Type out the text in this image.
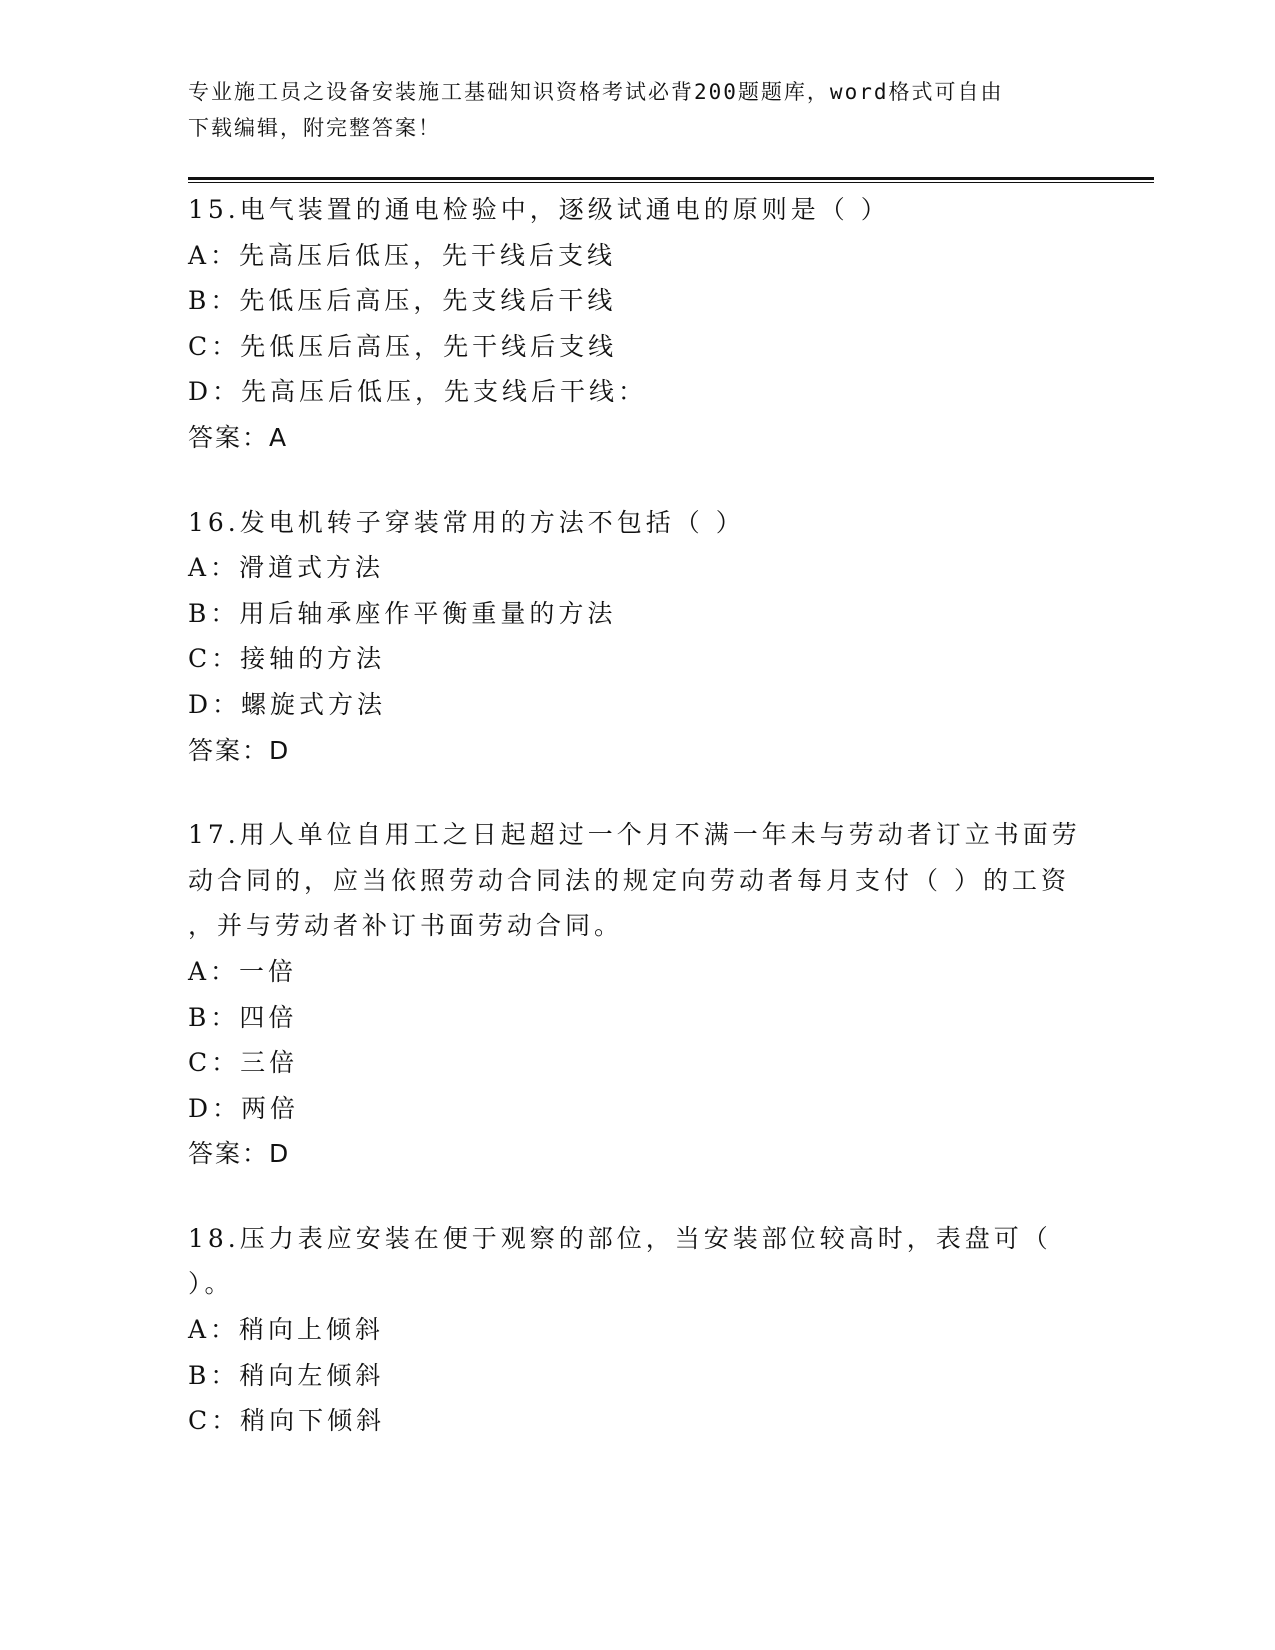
专业施工员之设备安装施工基础知识资格考试必背200题题库，word格式可自由
下载编辑，附完整答案！
15.电气装置的通电检验中，逐级试通电的原则是（ ）
A：先高压后低压，先干线后支线
B：先低压后高压，先支线后干线
C：先低压后高压，先干线后支线
D：先高压后低压，先支线后干线：
答案：A
16.发电机转子穿装常用的方法不包括（ ）
A：滑道式方法
B：用后轴承座作平衡重量的方法
C：接轴的方法
D：螺旋式方法
答案：D
17.用人单位自用工之日起超过一个月不满一年未与劳动者订立书面劳
动合同的，应当依照劳动合同法的规定向劳动者每月支付（ ）的工资
，并与劳动者补订书面劳动合同。
A：一倍
B：四倍
C：三倍
D：两倍
答案：D
18.压力表应安装在便于观察的部位，当安装部位较高时，表盘可（
）。
A：稍向上倾斜
B：稍向左倾斜
C：稍向下倾斜
